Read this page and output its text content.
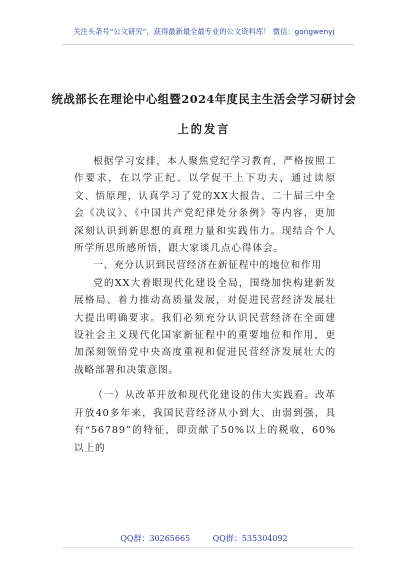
关注头条号“公文研究”，获得最新最全最专业的公文资料库！ 微信：gongwenyj
统战部长在理论中心组暨2024年度民主生活会学习研讨会
上的发言

根据学习安排，本人聚焦党纪学习教育，严格按照工作要求，在以学正纪、以学促干上下功夫，通过读原文、悟原理，认真学习了党的XX大报告、二十届三中全会《决议》、《中国共产党纪律处分条例》等内容，更加深刻认识到新思想的真理力量和实践伟力。现结合个人所学所思所感所悟，跟大家谈几点心得体会。

一、充分认识到民营经济在新征程中的地位和作用

党的XX大着眼现代化建设全局，围绕加快构建新发展格局、着力推动高质量发展，对促进民营经济发展壮大提出明确要求。我们必须充分认识民营经济在全面建设社会主义现代化国家新征程中的重要地位和作用，更加深刻领悟党中央高度重视和促进民营经济发展壮大的战略部署和决策意图。

（一）从改革开放和现代化建设的伟大实践看。改革开放40多年来，我国民营经济从小到大、由弱到强，具有“56789”的特征，即贡献了50%以上的税收，60%以上的

QQ群：30265665	QQ群：535304092
